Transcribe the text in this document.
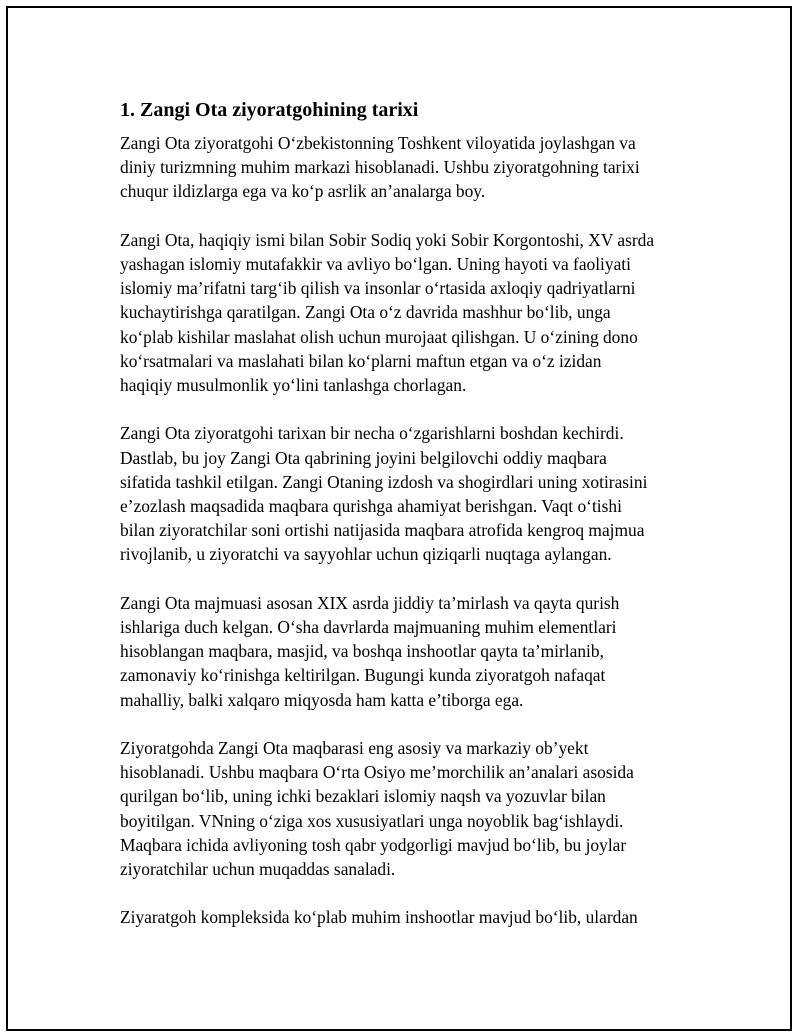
1. Zangi Ota ziyoratgohining tarixi

Zangi Ota ziyoratgohi O‘zbekistonning Toshkent viloyatida joylashgan va
diniy turizmning muhim markazi hisoblanadi. Ushbu ziyoratgohning tarixi
chuqur ildizlarga ega va ko‘p asrlik an’analarga boy.

Zangi Ota, haqiqiy ismi bilan Sobir Sodiq yoki Sobir Korgontoshi, XV asrda
yashagan islomiy mutafakkir va avliyo bo‘lgan. Uning hayoti va faoliyati
islomiy ma’rifatni targ‘ib qilish va insonlar o‘rtasida axloqiy qadriyatlarni
kuchaytirishga qaratilgan. Zangi Ota o‘z davrida mashhur bo‘lib, unga
ko‘plab kishilar maslahat olish uchun murojaat qilishgan. U o‘zining dono
ko‘rsatmalari va maslahati bilan ko‘plarni maftun etgan va o‘z izidan
haqiqiy musulmonlik yo‘lini tanlashga chorlagan.

Zangi Ota ziyoratgohi tarixan bir necha o‘zgarishlarni boshdan kechirdi.
Dastlab, bu joy Zangi Ota qabrining joyini belgilovchi oddiy maqbara
sifatida tashkil etilgan. Zangi Otaning izdosh va shogirdlari uning xotirasini
e’zozlash maqsadida maqbara qurishga ahamiyat berishgan. Vaqt o‘tishi
bilan ziyoratchilar soni ortishi natijasida maqbara atrofida kengroq majmua
rivojlanib, u ziyoratchi va sayyohlar uchun qiziqarli nuqtaga aylangan.

Zangi Ota majmuasi asosan XIX asrda jiddiy ta’mirlash va qayta qurish
ishlariga duch kelgan. O‘sha davrlarda majmuaning muhim elementlari
hisoblangan maqbara, masjid, va boshqa inshootlar qayta ta’mirlanib,
zamonaviy ko‘rinishga keltirilgan. Bugungi kunda ziyoratgoh nafaqat
mahalliy, balki xalqaro miqyosda ham katta e’tiborga ega.

Ziyoratgohda Zangi Ota maqbarasi eng asosiy va markaziy ob’yekt
hisoblanadi. Ushbu maqbara O‘rta Osiyo me’morchilik an’analari asosida
qurilgan bo‘lib, uning ichki bezaklari islomiy naqsh va yozuvlar bilan
boyitilgan. VNning o‘ziga xos xususiyatlari unga noyoblik bag‘ishlaydi.
Maqbara ichida avliyoning tosh qabr yodgorligi mavjud bo‘lib, bu joylar
ziyoratchilar uchun muqaddas sanaladi.

Ziyaratgoh kompleksida ko‘plab muhim inshootlar mavjud bo‘lib, ulardan
